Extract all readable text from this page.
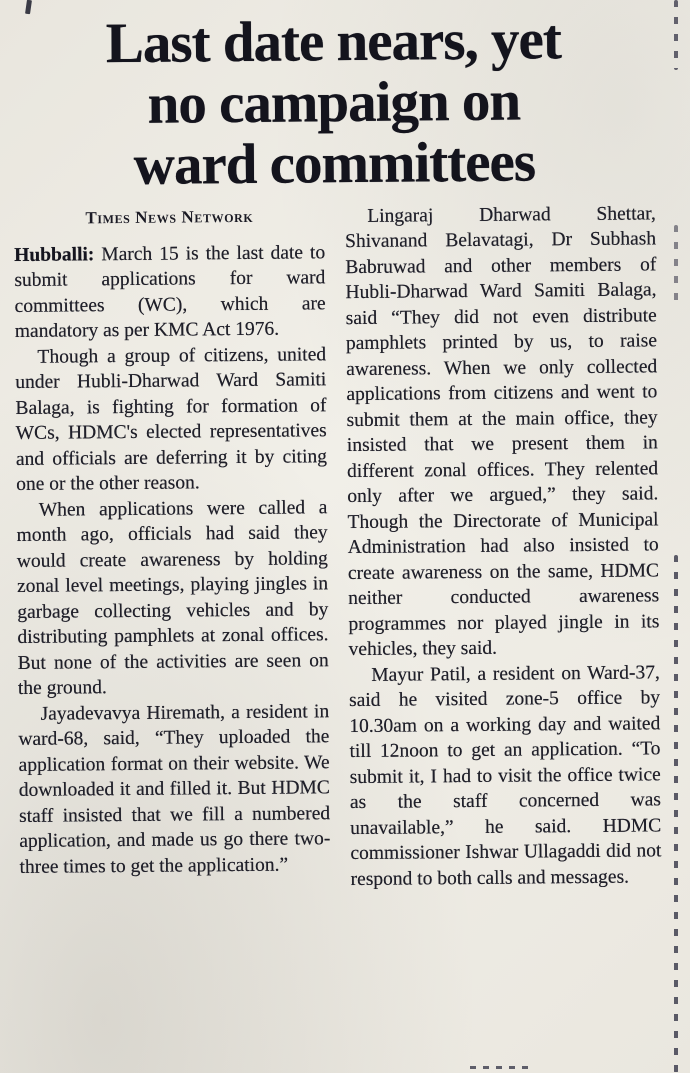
Last date nears, yet
no campaign on
ward committees
Times News Network

Hubballi: March 15 is the last date to submit applications for ward committees (WC), which are mandatory as per KMC Act 1976.

Though a group of citizens, united under Hubli-Dharwad Ward Samiti Balaga, is fighting for formation of WCs, HDMC's elected representatives and officials are deferring it by citing one or the other reason.

When applications were called a month ago, officials had said they would create awareness by holding zonal level meetings, playing jingles in garbage collecting vehicles and by distributing pamphlets at zonal offices. But none of the activities are seen on the ground.

Jayadevavya Hiremath, a resident in ward-68, said, “They uploaded the application format on their website. We downloaded it and filled it. But HDMC staff insisted that we fill a numbered application, and made us go there two-three times to get the application.”

Lingaraj Dharwad Shettar, Shivanand Belavatagi, Dr Subhash Babruwad and other members of Hubli-Dharwad Ward Samiti Balaga, said “They did not even distribute pamphlets printed by us, to raise awareness. When we only collected applications from citizens and went to submit them at the main office, they insisted that we present them in different zonal offices. They relented only after we argued,” they said. Though the Directorate of Municipal Administration had also insisted to create awareness on the same, HDMC neither conducted awareness programmes nor played jingle in its vehicles, they said.

Mayur Patil, a resident on Ward-37, said he visited zone-5 office by 10.30am on a working day and waited till 12noon to get an application. “To submit it, I had to visit the office twice as the staff concerned was unavailable,” he said. HDMC commissioner Ishwar Ullagaddi did not respond to both calls and messages.
